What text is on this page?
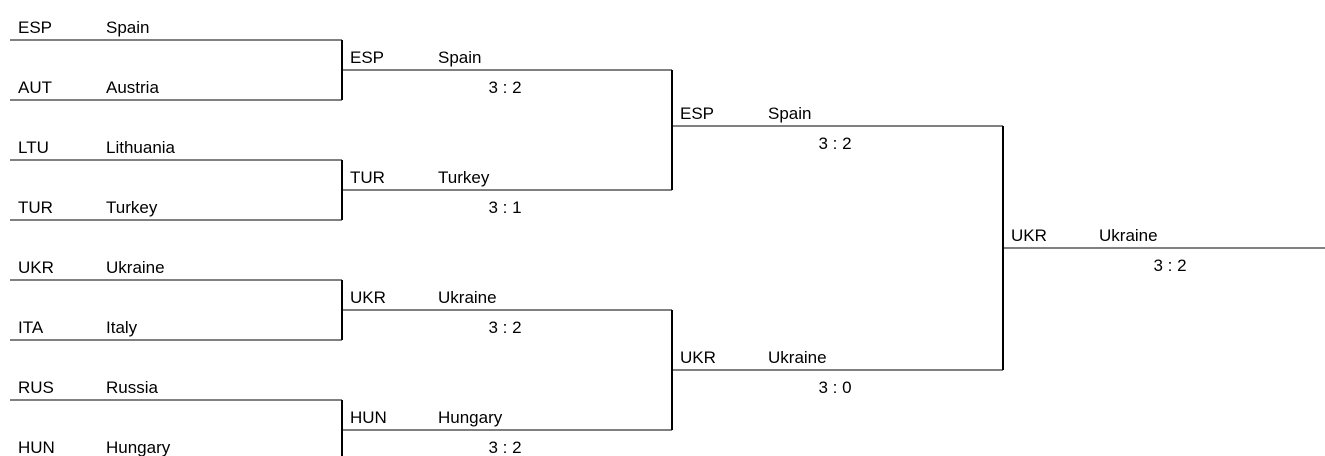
ESP	Spain
AUT	Austria
LTU	Lithuania
TUR	Turkey
UKR	Ukraine
ITA	Italy
RUS	Russia
HUN	Hungary
ESP	Spain
3 : 2
TUR	Turkey
3 : 1
UKR	Ukraine
3 : 2
HUN	Hungary
3 : 2
ESP	Spain
3 : 2
UKR	Ukraine
3 : 0
UKR	Ukraine
3 : 2
